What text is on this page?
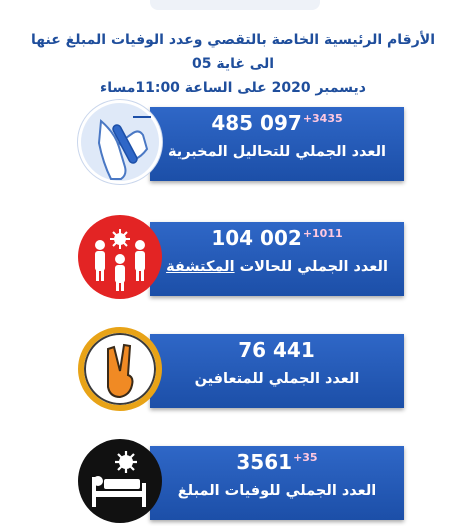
الأرقام الرئيسية الخاصة بالتقصي وعدد الوفيات المبلغ عنها الى غاية 05
ديسمبر 2020 على الساعة 11:00مساء
485 $097^{+3435}$
العدد الجملي للتحاليل المخبرية
104 $002^{+1011}$
العدد الجملي للحالات المكتشفة
76 441
العدد الجملي للمتعافين
$3561^{+35}$
العدد الجملي للوفيات المبلغ
